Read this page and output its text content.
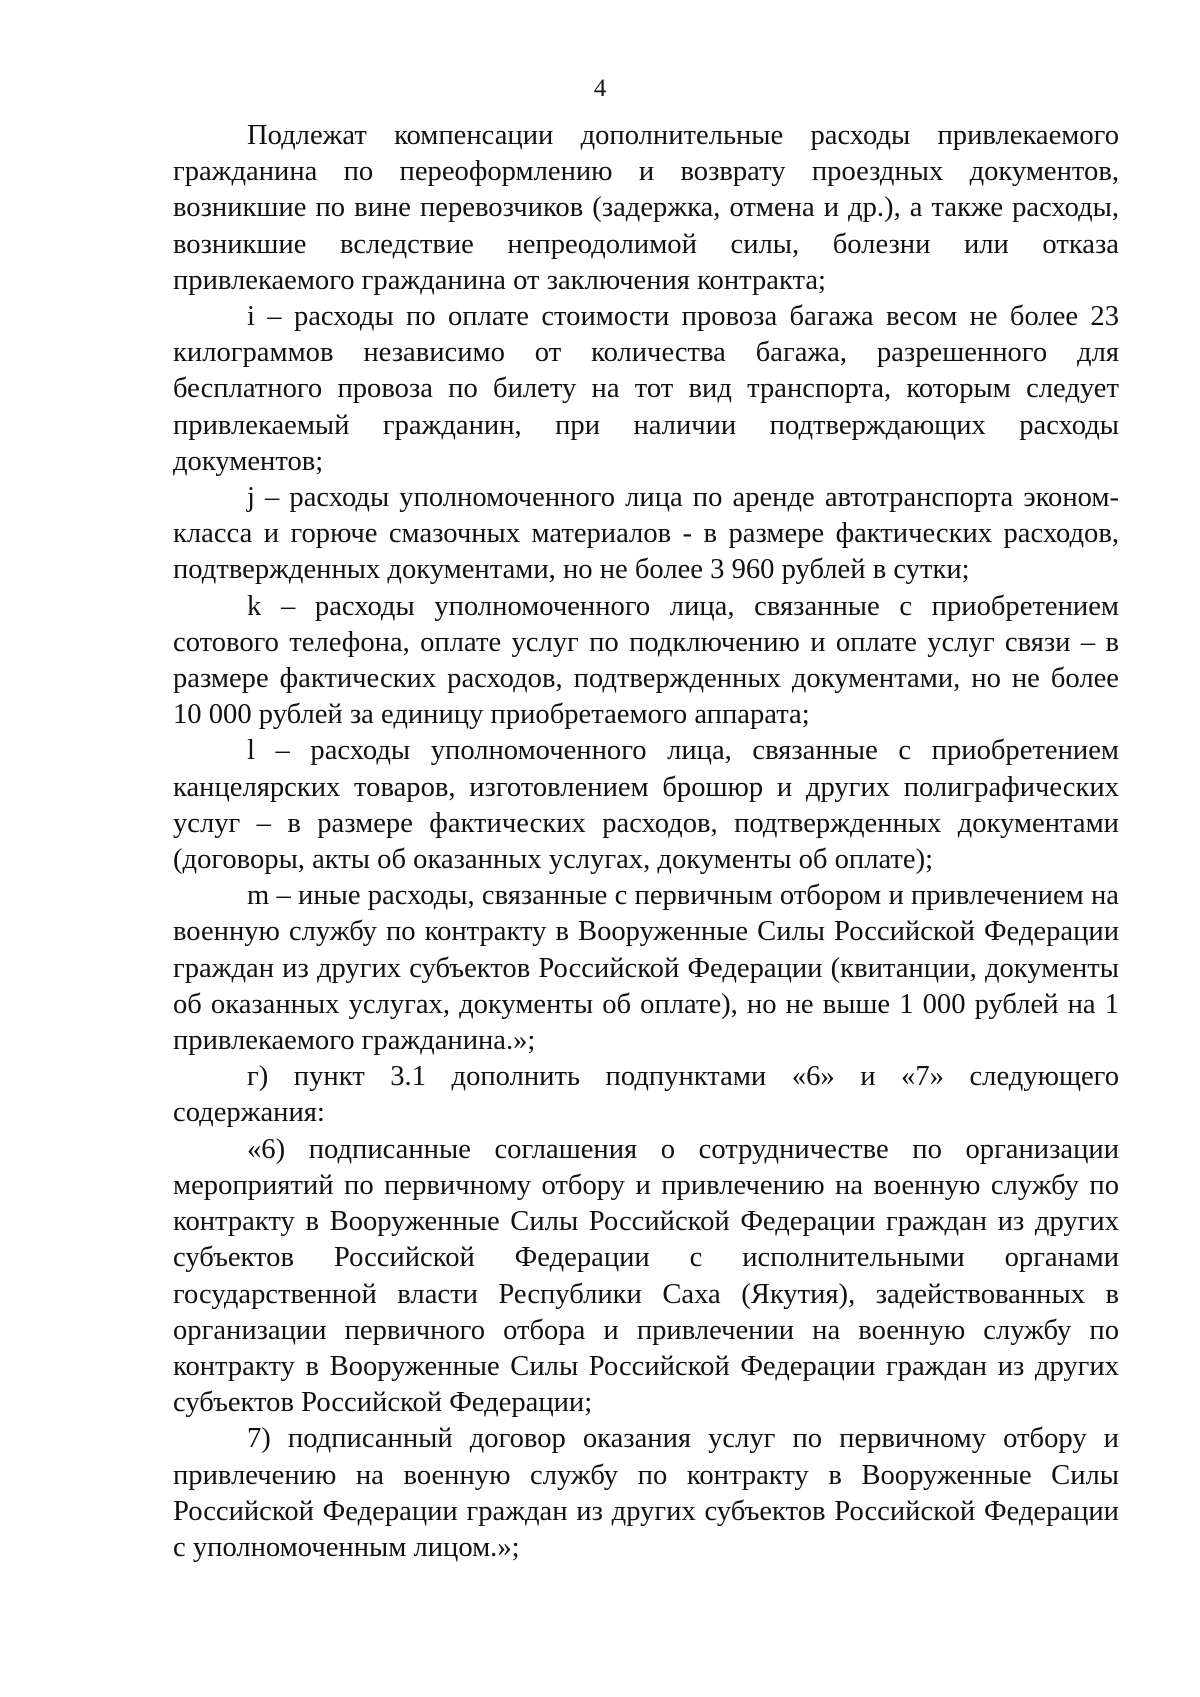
4

Подлежат компенсации дополнительные расходы привлекаемого гражданина по переоформлению и возврату проездных документов, возникшие по вине перевозчиков (задержка, отмена и др.), а также расходы, возникшие вследствие непреодолимой силы, болезни или отказа привлекаемого гражданина от заключения контракта;

i – расходы по оплате стоимости провоза багажа весом не более 23 килограммов независимо от количества багажа, разрешенного для бесплатного провоза по билету на тот вид транспорта, которым следует привлекаемый гражданин, при наличии подтверждающих расходы документов;

j – расходы уполномоченного лица по аренде автотранспорта эконом-класса и горюче смазочных материалов - в размере фактических расходов, подтвержденных документами, но не более 3 960 рублей в сутки;

k – расходы уполномоченного лица, связанные с приобретением сотового телефона, оплате услуг по подключению и оплате услуг связи – в размере фактических расходов, подтвержденных документами, но не более 10 000 рублей за единицу приобретаемого аппарата;

l – расходы уполномоченного лица, связанные с приобретением канцелярских товаров, изготовлением брошюр и других полиграфических услуг – в размере фактических расходов, подтвержденных документами (договоры, акты об оказанных услугах, документы об оплате);

m – иные расходы, связанные с первичным отбором и привлечением на военную службу по контракту в Вооруженные Силы Российской Федерации граждан из других субъектов Российской Федерации (квитанции, документы об оказанных услугах, документы об оплате), но не выше 1 000 рублей на 1 привлекаемого гражданина.»;

г) пункт 3.1 дополнить подпунктами «6» и «7» следующего содержания:

«6) подписанные соглашения о сотрудничестве по организации мероприятий по первичному отбору и привлечению на военную службу по контракту в Вооруженные Силы Российской Федерации граждан из других субъектов Российской Федерации с исполнительными органами государственной власти Республики Саха (Якутия), задействованных в организации первичного отбора и привлечении на военную службу по контракту в Вооруженные Силы Российской Федерации граждан из других субъектов Российской Федерации;

7) подписанный договор оказания услуг по первичному отбору и привлечению на военную службу по контракту в Вооруженные Силы Российской Федерации граждан из других субъектов Российской Федерации с уполномоченным лицом.»;
